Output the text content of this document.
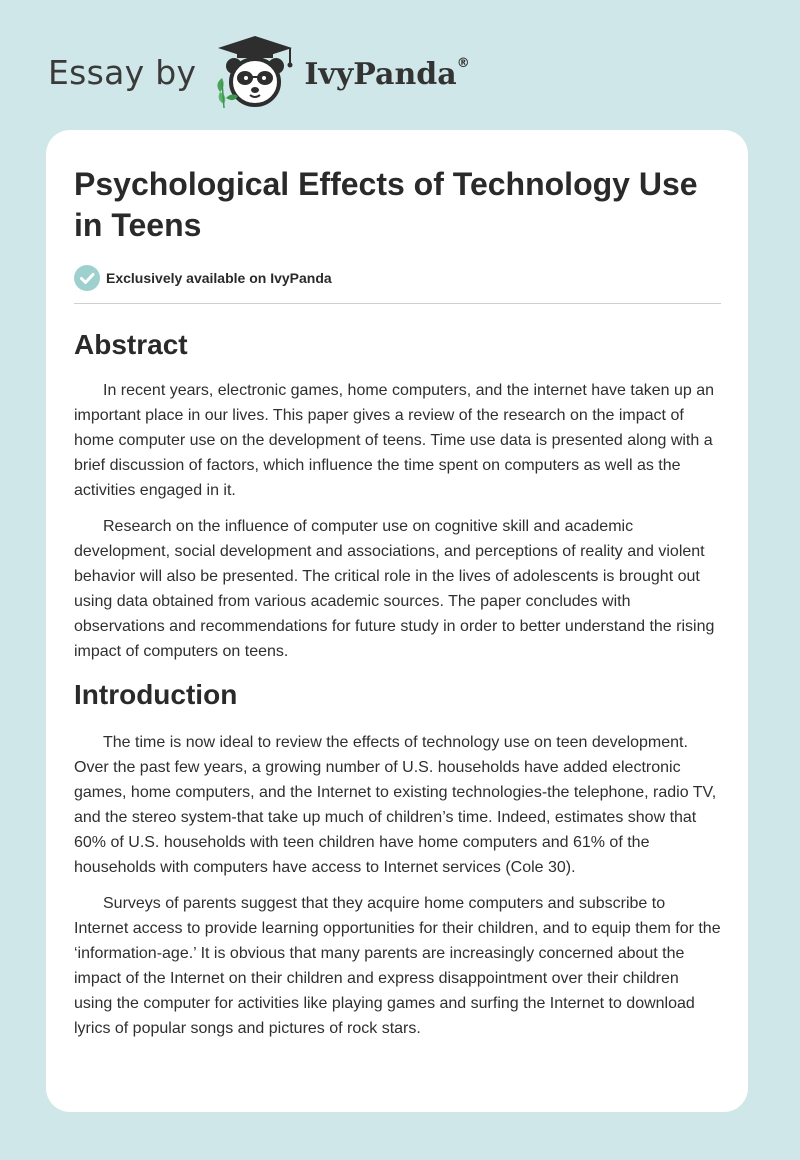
Essay by	IvyPanda®
Psychological Effects of Technology Use in Teens
Exclusively available on IvyPanda
Abstract

In recent years, electronic games, home computers, and the internet have taken up an important place in our lives. This paper gives a review of the research on the impact of home computer use on the development of teens. Time use data is presented along with a brief discussion of factors, which influence the time spent on computers as well as the activities engaged in it.

Research on the influence of computer use on cognitive skill and academic development, social development and associations, and perceptions of reality and violent behavior will also be presented. The critical role in the lives of adolescents is brought out using data obtained from various academic sources. The paper concludes with observations and recommendations for future study in order to better understand the rising impact of computers on teens.

Introduction

The time is now ideal to review the effects of technology use on teen development. Over the past few years, a growing number of U.S. households have added electronic games, home computers, and the Internet to existing technologies-the telephone, radio TV, and the stereo system-that take up much of children’s time. Indeed, estimates show that 60% of U.S. households with teen children have home computers and 61% of the households with computers have access to Internet services (Cole 30).

Surveys of parents suggest that they acquire home computers and subscribe to Internet access to provide learning opportunities for their children, and to equip them for the ‘information-age.’ It is obvious that many parents are increasingly concerned about the impact of the Internet on their children and express disappointment over their children using the computer for activities like playing games and surfing the Internet to download lyrics of popular songs and pictures of rock stars.
